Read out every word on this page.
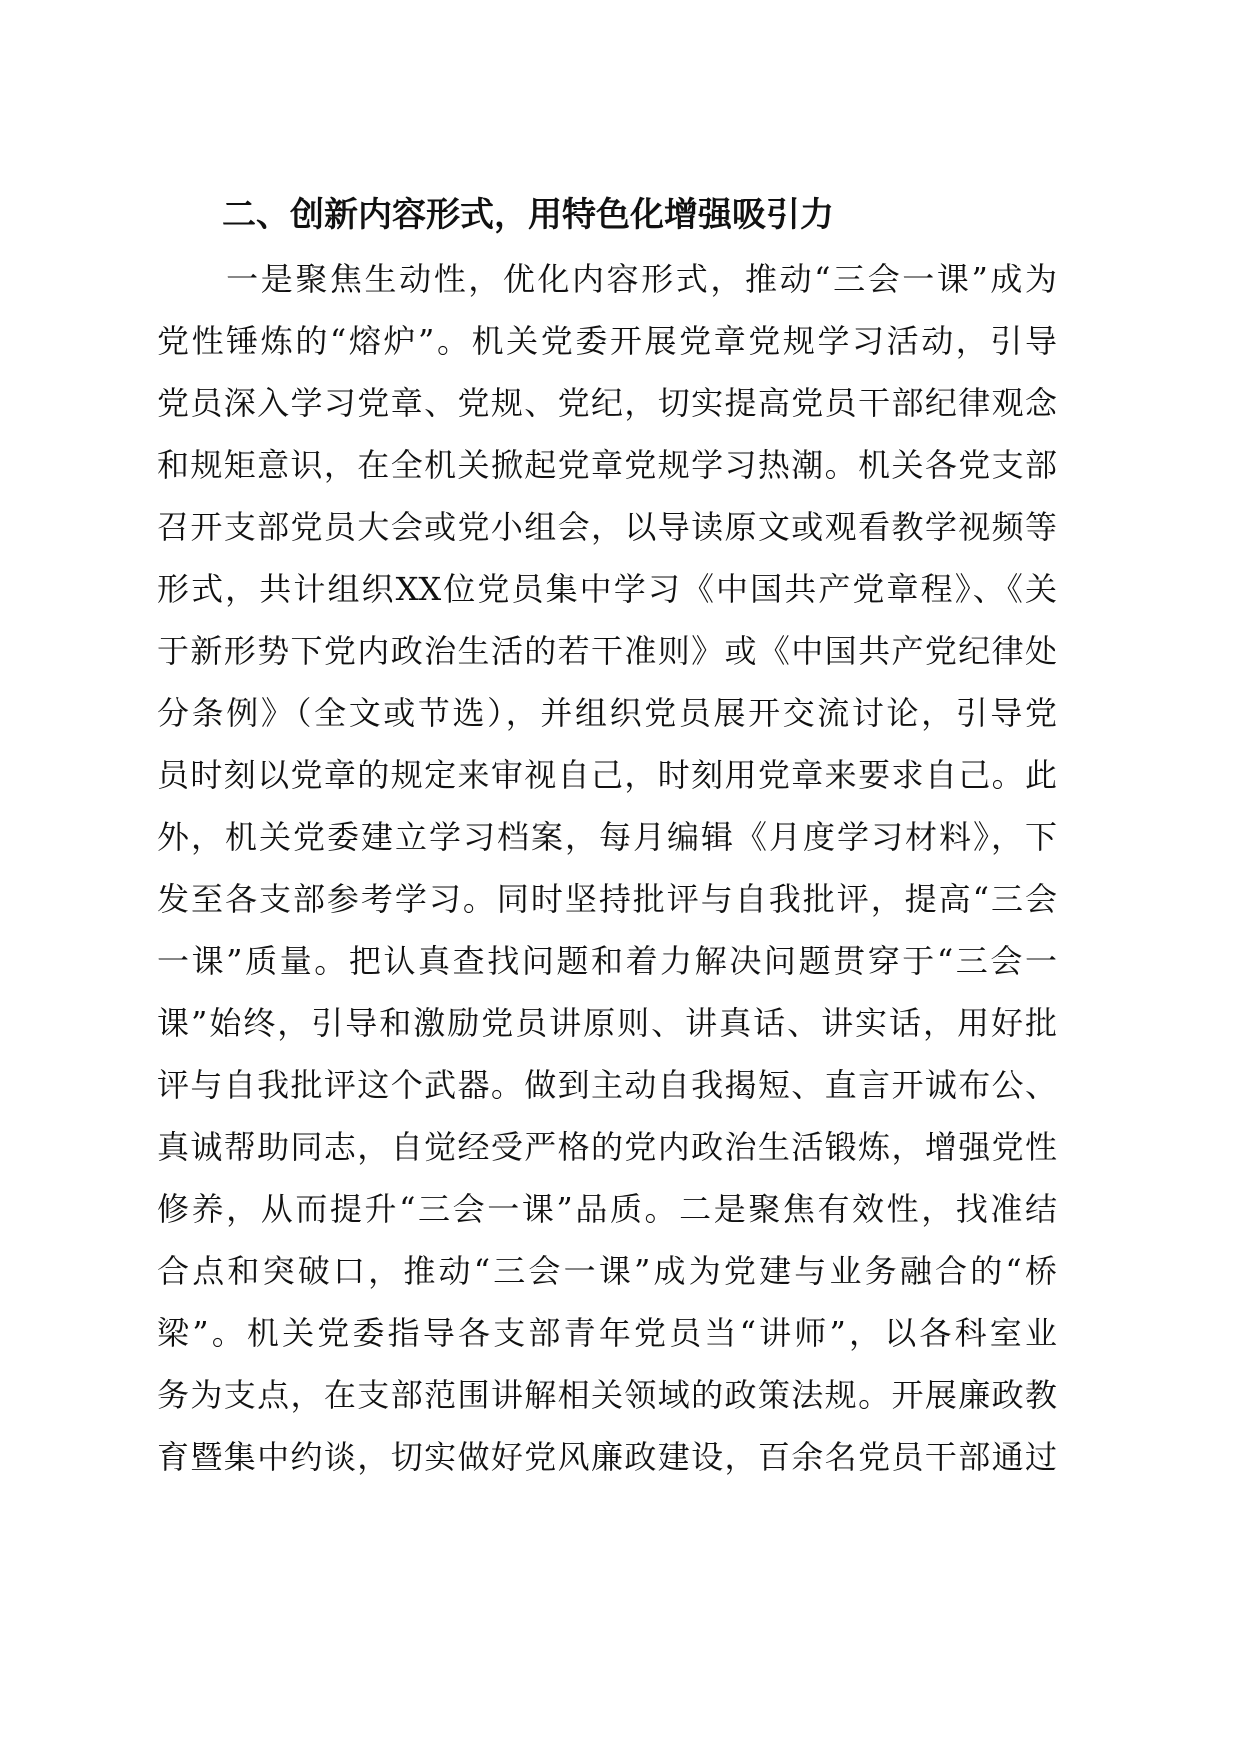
二、创新内容形式，用特色化增强吸引力
　　一是聚焦生动性，优化内容形式，推动“三会一课”成为
党性锤炼的“熔炉”。机关党委开展党章党规学习活动，引导
党员深入学习党章、党规、党纪，切实提高党员干部纪律观念
和规矩意识，在全机关掀起党章党规学习热潮。机关各党支部
召开支部党员大会或党小组会，以导读原文或观看教学视频等
形式，共计组织XX位党员集中学习《中国共产党章程》、《关
于新形势下党内政治生活的若干准则》或《中国共产党纪律处
分条例》（全文或节选），并组织党员展开交流讨论，引导党
员时刻以党章的规定来审视自己，时刻用党章来要求自己。此
外，机关党委建立学习档案，每月编辑《月度学习材料》，下
发至各支部参考学习。同时坚持批评与自我批评，提高“三会
一课”质量。把认真查找问题和着力解决问题贯穿于“三会一
课”始终，引导和激励党员讲原则、讲真话、讲实话，用好批
评与自我批评这个武器。做到主动自我揭短、直言开诚布公、
真诚帮助同志，自觉经受严格的党内政治生活锻炼，增强党性
修养，从而提升“三会一课”品质。二是聚焦有效性，找准结
合点和突破口，推动“三会一课”成为党建与业务融合的“桥
梁”。机关党委指导各支部青年党员当“讲师”，以各科室业
务为支点，在支部范围讲解相关领域的政策法规。开展廉政教
育暨集中约谈，切实做好党风廉政建设，百余名党员干部通过
